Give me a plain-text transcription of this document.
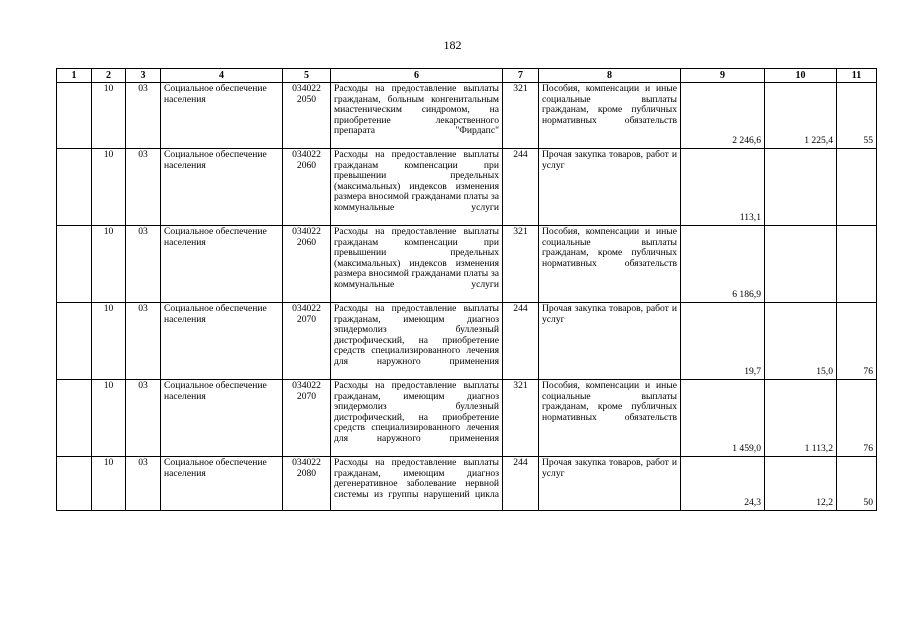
182
1	2	3	4	5	6	7	8	9	10	11
	10	03	Социальное обеспечение населения	034022 2050	Расходы на предоставление выплаты гражданам, больным конгенитальным миастеническим синдромом, на приобретение лекарственного препарата "Фирдапс"	321	Пособия, компенсации и иные социальные выплаты гражданам, кроме публичных нормативных обязательств	2 246,6	1 225,4	55
	10	03	Социальное обеспечение населения	034022 2060	Расходы на предоставление выплаты гражданам компенсации при превышении предельных (максимальных) индексов изменения размера вносимой гражданами платы за коммунальные услуги	244	Прочая закупка товаров, работ и услуг	113,1		
	10	03	Социальное обеспечение населения	034022 2060	Расходы на предоставление выплаты гражданам компенсации при превышении предельных (максимальных) индексов изменения размера вносимой гражданами платы за коммунальные услуги	321	Пособия, компенсации и иные социальные выплаты гражданам, кроме публичных нормативных обязательств	6 186,9		
	10	03	Социальное обеспечение населения	034022 2070	Расходы на предоставление выплаты гражданам, имеющим диагноз эпидермолиз буллезный дистрофический, на приобретение средств специализированного лечения для наружного применения	244	Прочая закупка товаров, работ и услуг	19,7	15,0	76
	10	03	Социальное обеспечение населения	034022 2070	Расходы на предоставление выплаты гражданам, имеющим диагноз эпидермолиз буллезный дистрофический, на приобретение средств специализированного лечения для наружного применения	321	Пособия, компенсации и иные социальные выплаты гражданам, кроме публичных нормативных обязательств	1 459,0	1 113,2	76
	10	03	Социальное обеспечение населения	034022 2080	Расходы на предоставление выплаты гражданам, имеющим диагноз дегенеративное заболевание нервной системы из группы нарушений цикла	244	Прочая закупка товаров, работ и услуг	24,3	12,2	50
